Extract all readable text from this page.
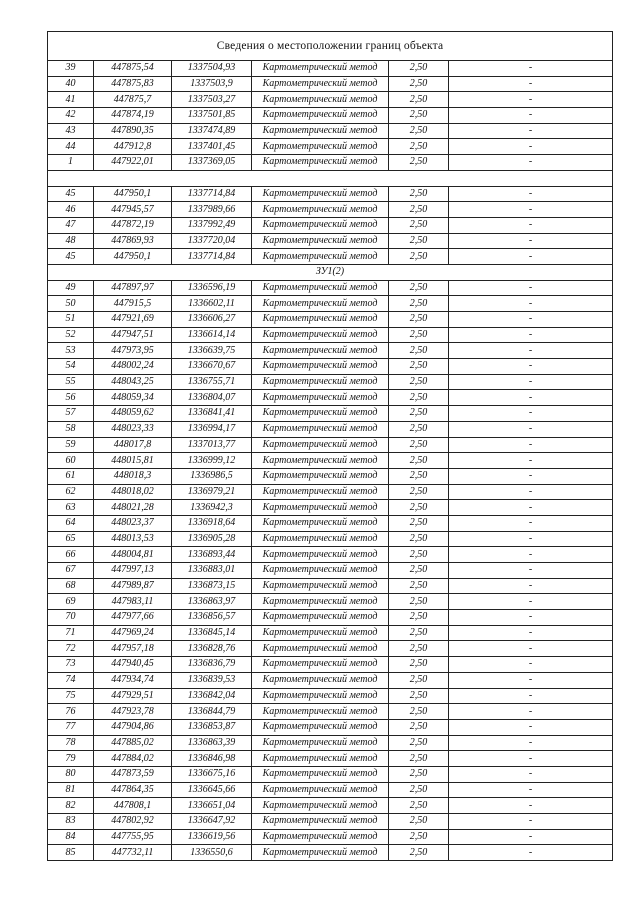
Сведения о местоположении границ объекта					
39	447875,54	1337504,93	Картометрический метод	2,50	-
40	447875,83	1337503,9	Картометрический метод	2,50	-
41	447875,7	1337503,27	Картометрический метод	2,50	-
42	447874,19	1337501,85	Картометрический метод	2,50	-
43	447890,35	1337474,89	Картометрический метод	2,50	-
44	447912,8	1337401,45	Картометрический метод	2,50	-
1	447922,01	1337369,05	Картометрический метод	2,50	-

45	447950,1	1337714,84	Картометрический метод	2,50	-
46	447945,57	1337989,66	Картометрический метод	2,50	-
47	447872,19	1337992,49	Картометрический метод	2,50	-
48	447869,93	1337720,04	Картометрический метод	2,50	-
45	447950,1	1337714,84	Картометрический метод	2,50	-
ЗУ1(2)					
49	447897,97	1336596,19	Картометрический метод	2,50	-
50	447915,5	1336602,11	Картометрический метод	2,50	-
51	447921,69	1336606,27	Картометрический метод	2,50	-
52	447947,51	1336614,14	Картометрический метод	2,50	-
53	447973,95	1336639,75	Картометрический метод	2,50	-
54	448002,24	1336670,67	Картометрический метод	2,50	-
55	448043,25	1336755,71	Картометрический метод	2,50	-
56	448059,34	1336804,07	Картометрический метод	2,50	-
57	448059,62	1336841,41	Картометрический метод	2,50	-
58	448023,33	1336994,17	Картометрический метод	2,50	-
59	448017,8	1337013,77	Картометрический метод	2,50	-
60	448015,81	1336999,12	Картометрический метод	2,50	-
61	448018,3	1336986,5	Картометрический метод	2,50	-
62	448018,02	1336979,21	Картометрический метод	2,50	-
63	448021,28	1336942,3	Картометрический метод	2,50	-
64	448023,37	1336918,64	Картометрический метод	2,50	-
65	448013,53	1336905,28	Картометрический метод	2,50	-
66	448004,81	1336893,44	Картометрический метод	2,50	-
67	447997,13	1336883,01	Картометрический метод	2,50	-
68	447989,87	1336873,15	Картометрический метод	2,50	-
69	447983,11	1336863,97	Картометрический метод	2,50	-
70	447977,66	1336856,57	Картометрический метод	2,50	-
71	447969,24	1336845,14	Картометрический метод	2,50	-
72	447957,18	1336828,76	Картометрический метод	2,50	-
73	447940,45	1336836,79	Картометрический метод	2,50	-
74	447934,74	1336839,53	Картометрический метод	2,50	-
75	447929,51	1336842,04	Картометрический метод	2,50	-
76	447923,78	1336844,79	Картометрический метод	2,50	-
77	447904,86	1336853,87	Картометрический метод	2,50	-
78	447885,02	1336863,39	Картометрический метод	2,50	-
79	447884,02	1336846,98	Картометрический метод	2,50	-
80	447873,59	1336675,16	Картометрический метод	2,50	-
81	447864,35	1336645,66	Картометрический метод	2,50	-
82	447808,1	1336651,04	Картометрический метод	2,50	-
83	447802,92	1336647,92	Картометрический метод	2,50	-
84	447755,95	1336619,56	Картометрический метод	2,50	-
85	447732,11	1336550,6	Картометрический метод	2,50	-
